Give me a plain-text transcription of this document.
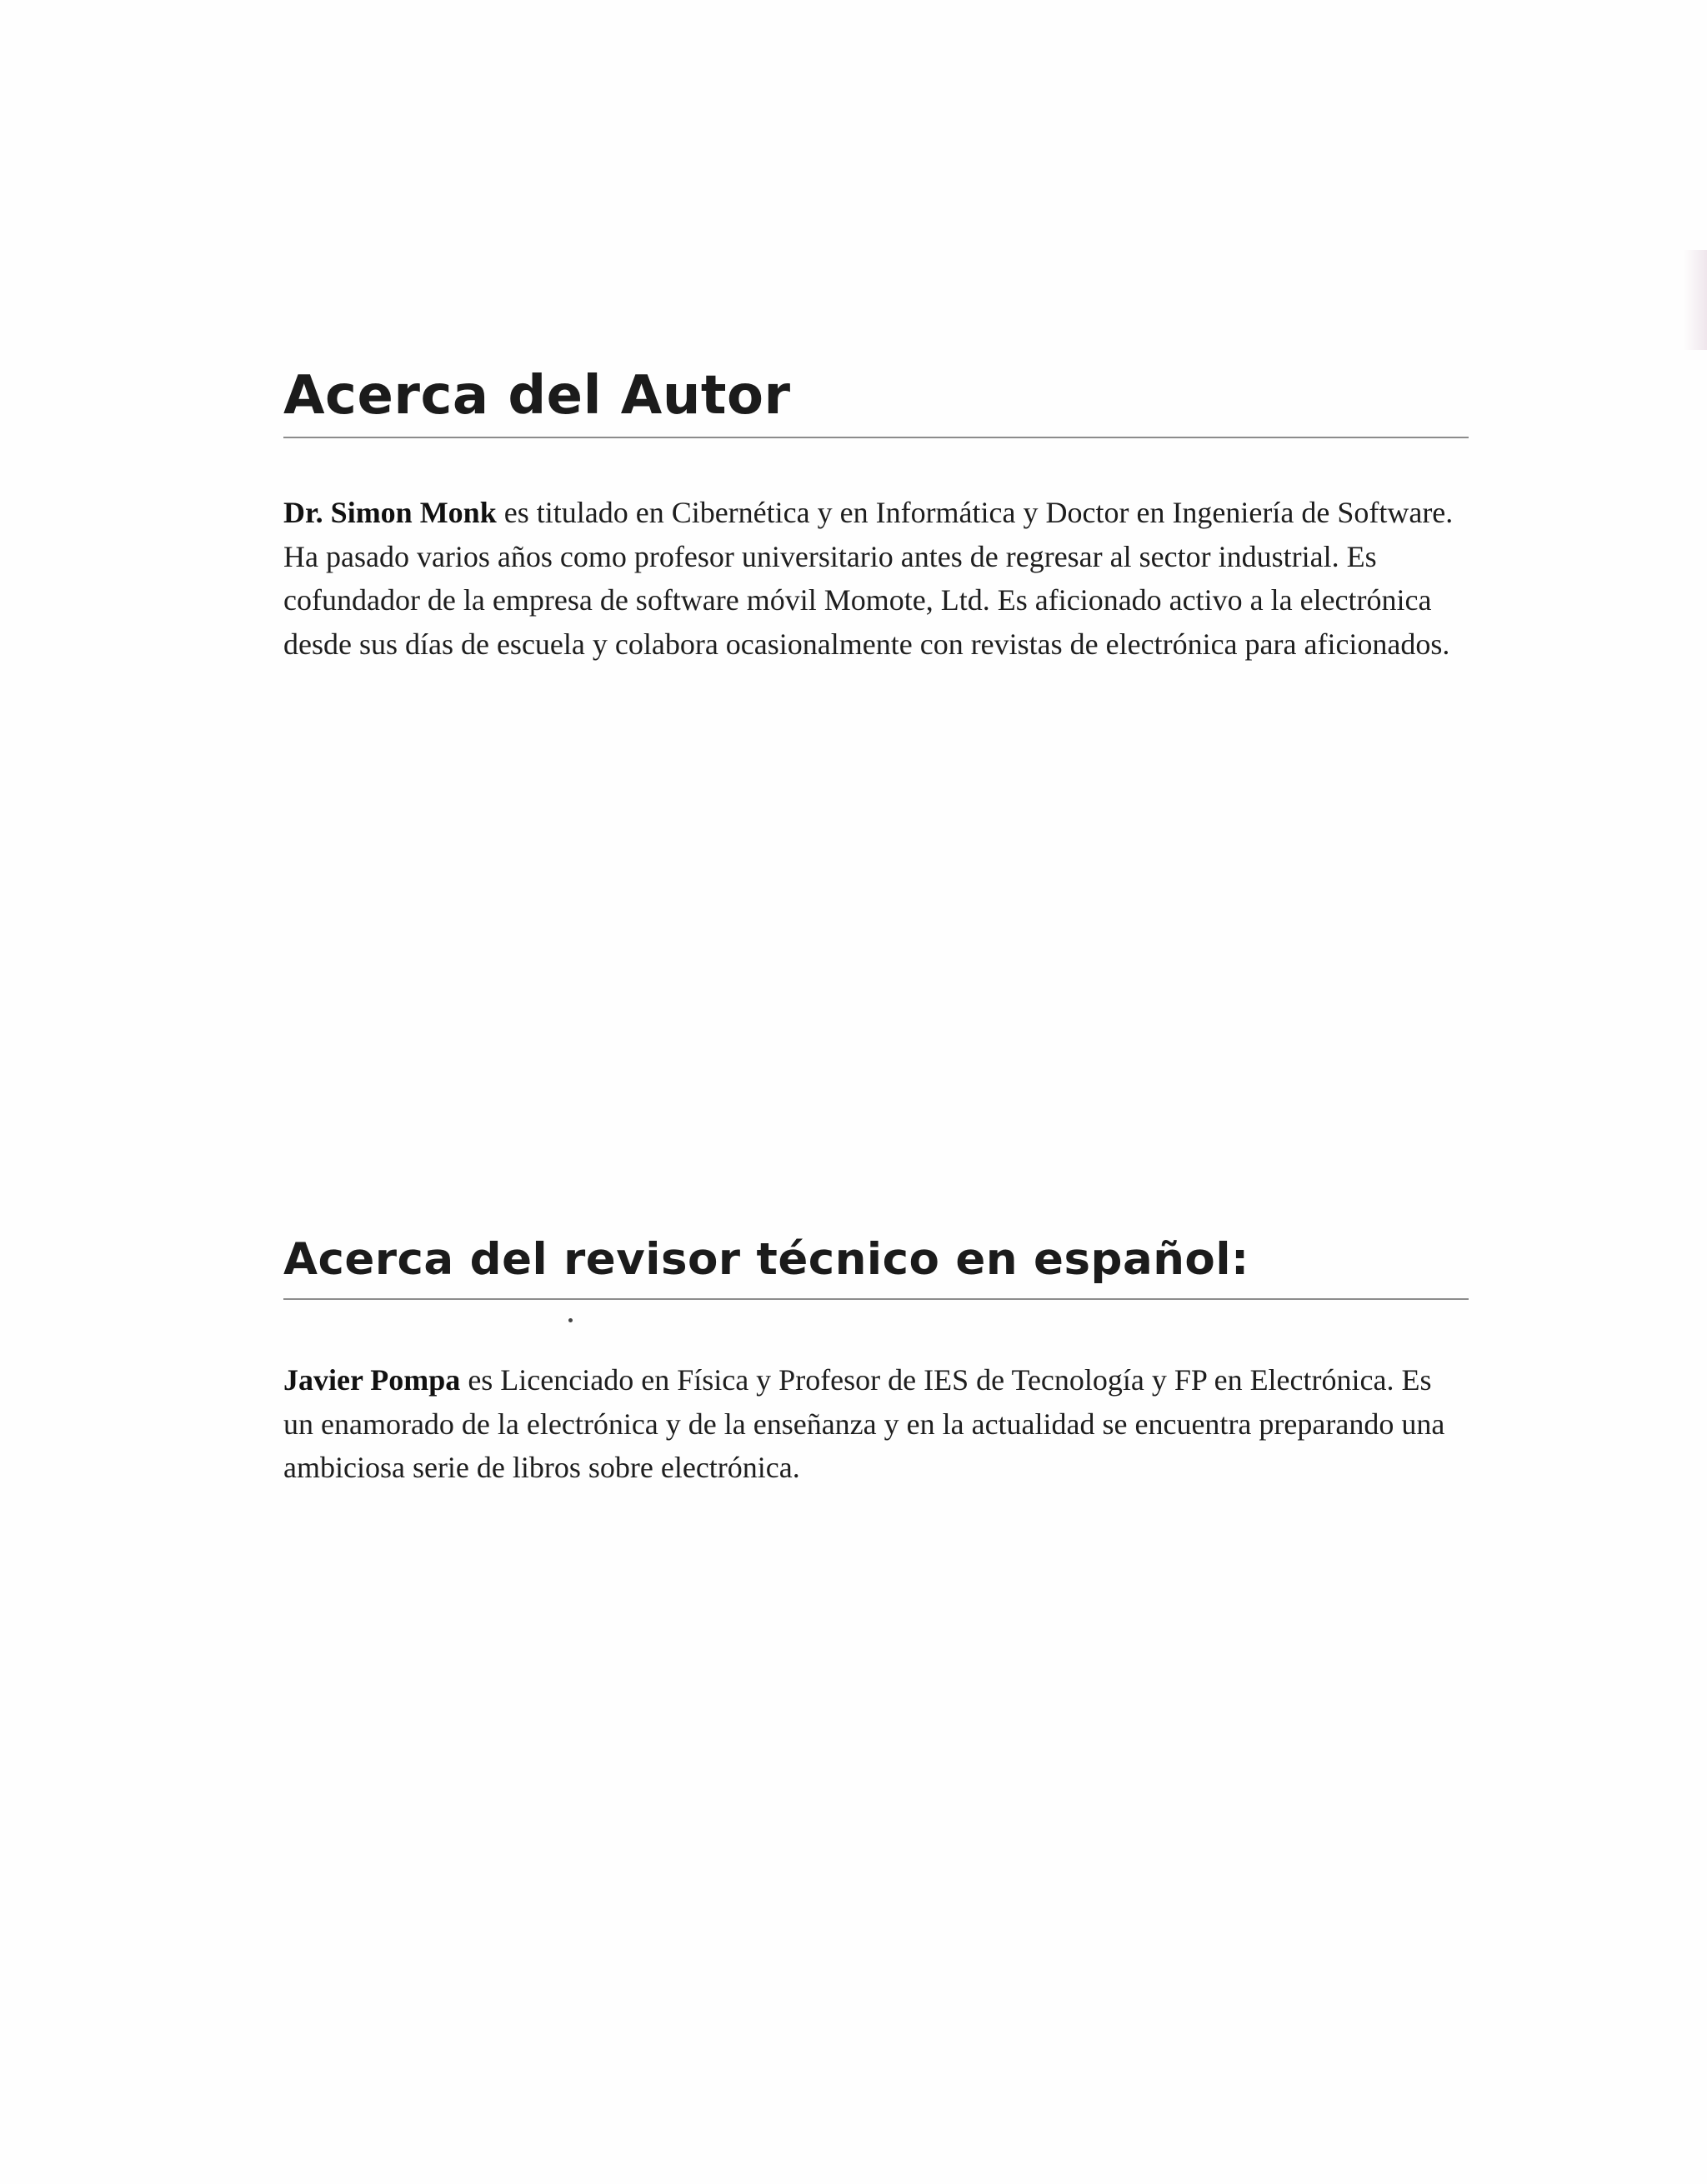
Acerca del Autor

Dr. Simon Monk es titulado en Cibernética y en Informática y Doctor en Ingeniería de Software. Ha pasado varios años como profesor universitario antes de regresar al sector industrial. Es cofundador de la empresa de software móvil Momote, Ltd. Es aficionado activo a la electrónica desde sus días de escuela y colabora ocasionalmente con revistas de electrónica para aficionados.

Acerca del revisor técnico en español:

Javier Pompa es Licenciado en Física y Profesor de IES de Tecnología y FP en Electrónica. Es un enamorado de la electrónica y de la enseñanza y en la actualidad se encuentra preparando una ambiciosa serie de libros sobre electrónica.
